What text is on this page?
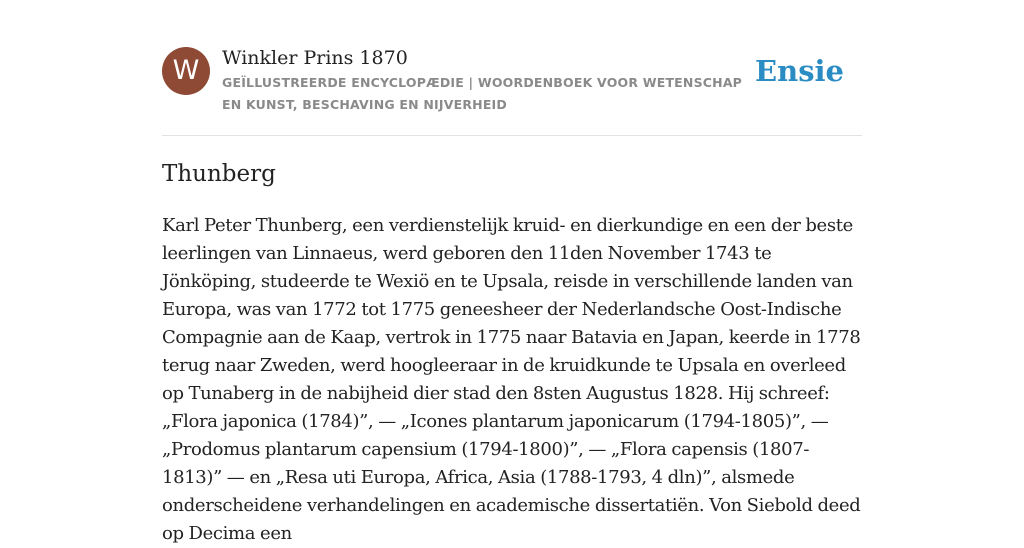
W	Winkler Prins 1870
GEÏLLUSTREERDE ENCYCLOPÆDIE | WOORDENBOEK VOOR WETENSCHAP EN KUNST, BESCHAVING EN NIJVERHEID
Ensie
Thunberg

Karl Peter Thunberg, een verdienstelijk kruid- en dierkundige en een der beste leerlingen van Linnaeus, werd geboren den 11den November 1743 te Jönköping, studeerde te Wexiö en te Upsala, reisde in verschillende landen van Europa, was van 1772 tot 1775 geneesheer der Nederlandsche Oost-Indische Compagnie aan de Kaap, vertrok in 1775 naar Batavia en Japan, keerde in 1778 terug naar Zweden, werd hoogleeraar in de kruidkunde te Upsala en overleed op Tunaberg in de nabijheid dier stad den 8sten Augustus 1828. Hij schreef: „Flora japonica (1784)”, — „Icones plantarum japonicarum (1794-1805)”, — „Prodomus plantarum capensium (1794-1800)”, — „Flora capensis (1807-1813)” — en „Resa uti Europa, Africa, Asia (1788-1793, 4 dln)”, alsmede onderscheidene verhandelingen en academische dissertatiën. Von Siebold deed op Decima een
